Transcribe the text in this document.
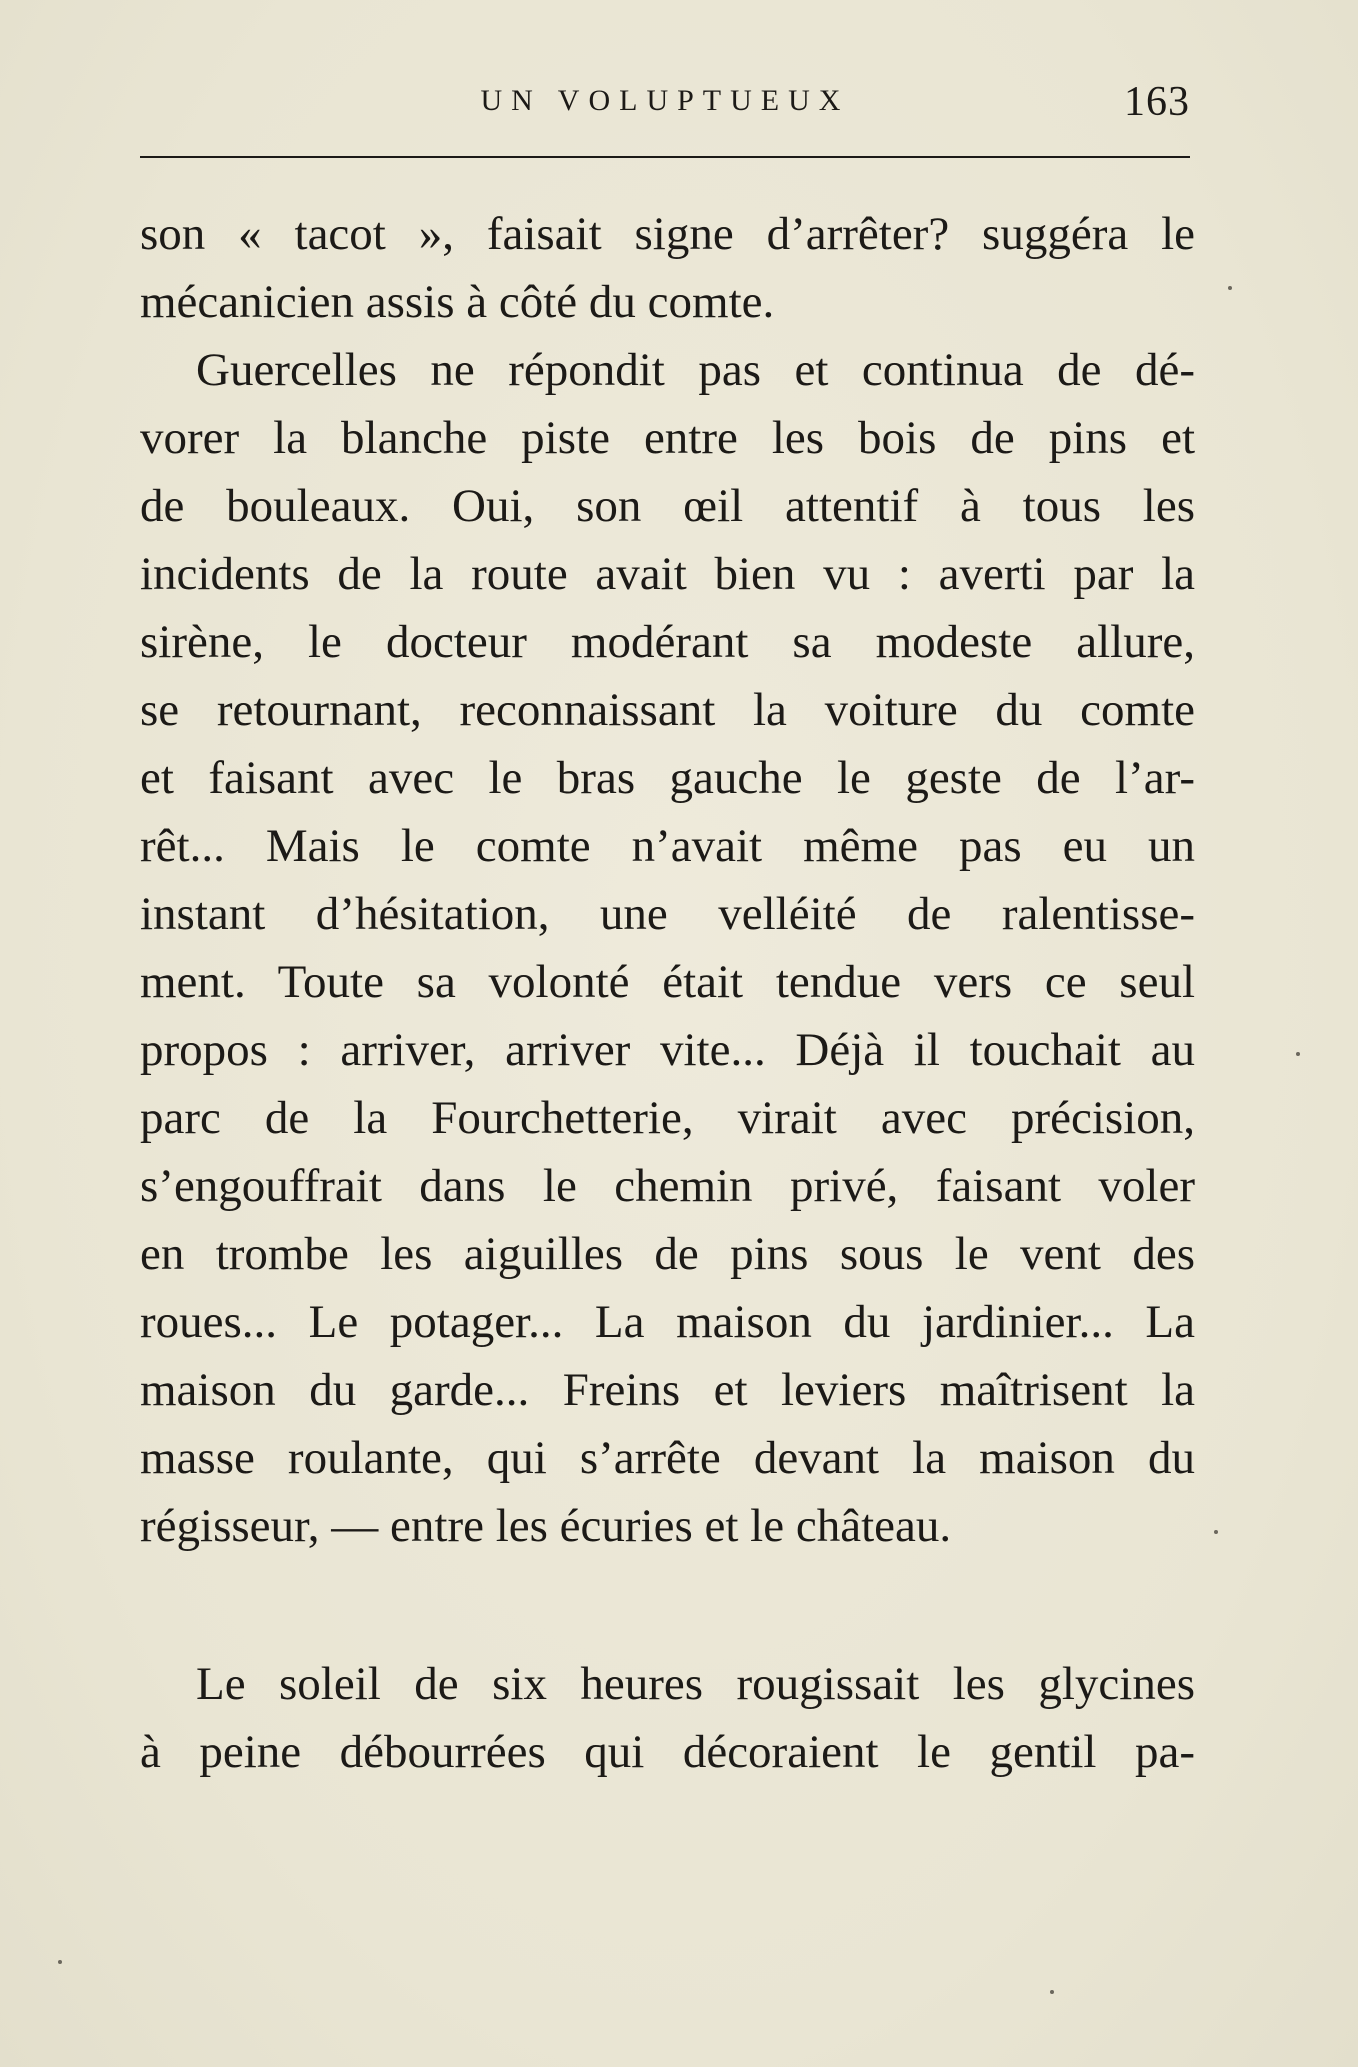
UN VOLUPTUEUX	163
son « tacot », faisait signe d’arrêter? suggéra le
mécanicien assis à côté du comte.
Guercelles ne répondit pas et continua de dé-
vorer la blanche piste entre les bois de pins et
de bouleaux. Oui, son œil attentif à tous les
incidents de la route avait bien vu : averti par la
sirène, le docteur modérant sa modeste allure,
se retournant, reconnaissant la voiture du comte
et faisant avec le bras gauche le geste de l’ar-
rêt... Mais le comte n’avait même pas eu un
instant d’hésitation, une velléité de ralentisse-
ment. Toute sa volonté était tendue vers ce seul
propos : arriver, arriver vite... Déjà il touchait au
parc de la Fourchetterie, virait avec précision,
s’engouffrait dans le chemin privé, faisant voler
en trombe les aiguilles de pins sous le vent des
roues... Le potager... La maison du jardinier... La
maison du garde... Freins et leviers maîtrisent la
masse roulante, qui s’arrête devant la maison du
régisseur, — entre les écuries et le château.
Le soleil de six heures rougissait les glycines
à peine débourrées qui décoraient le gentil pa-
